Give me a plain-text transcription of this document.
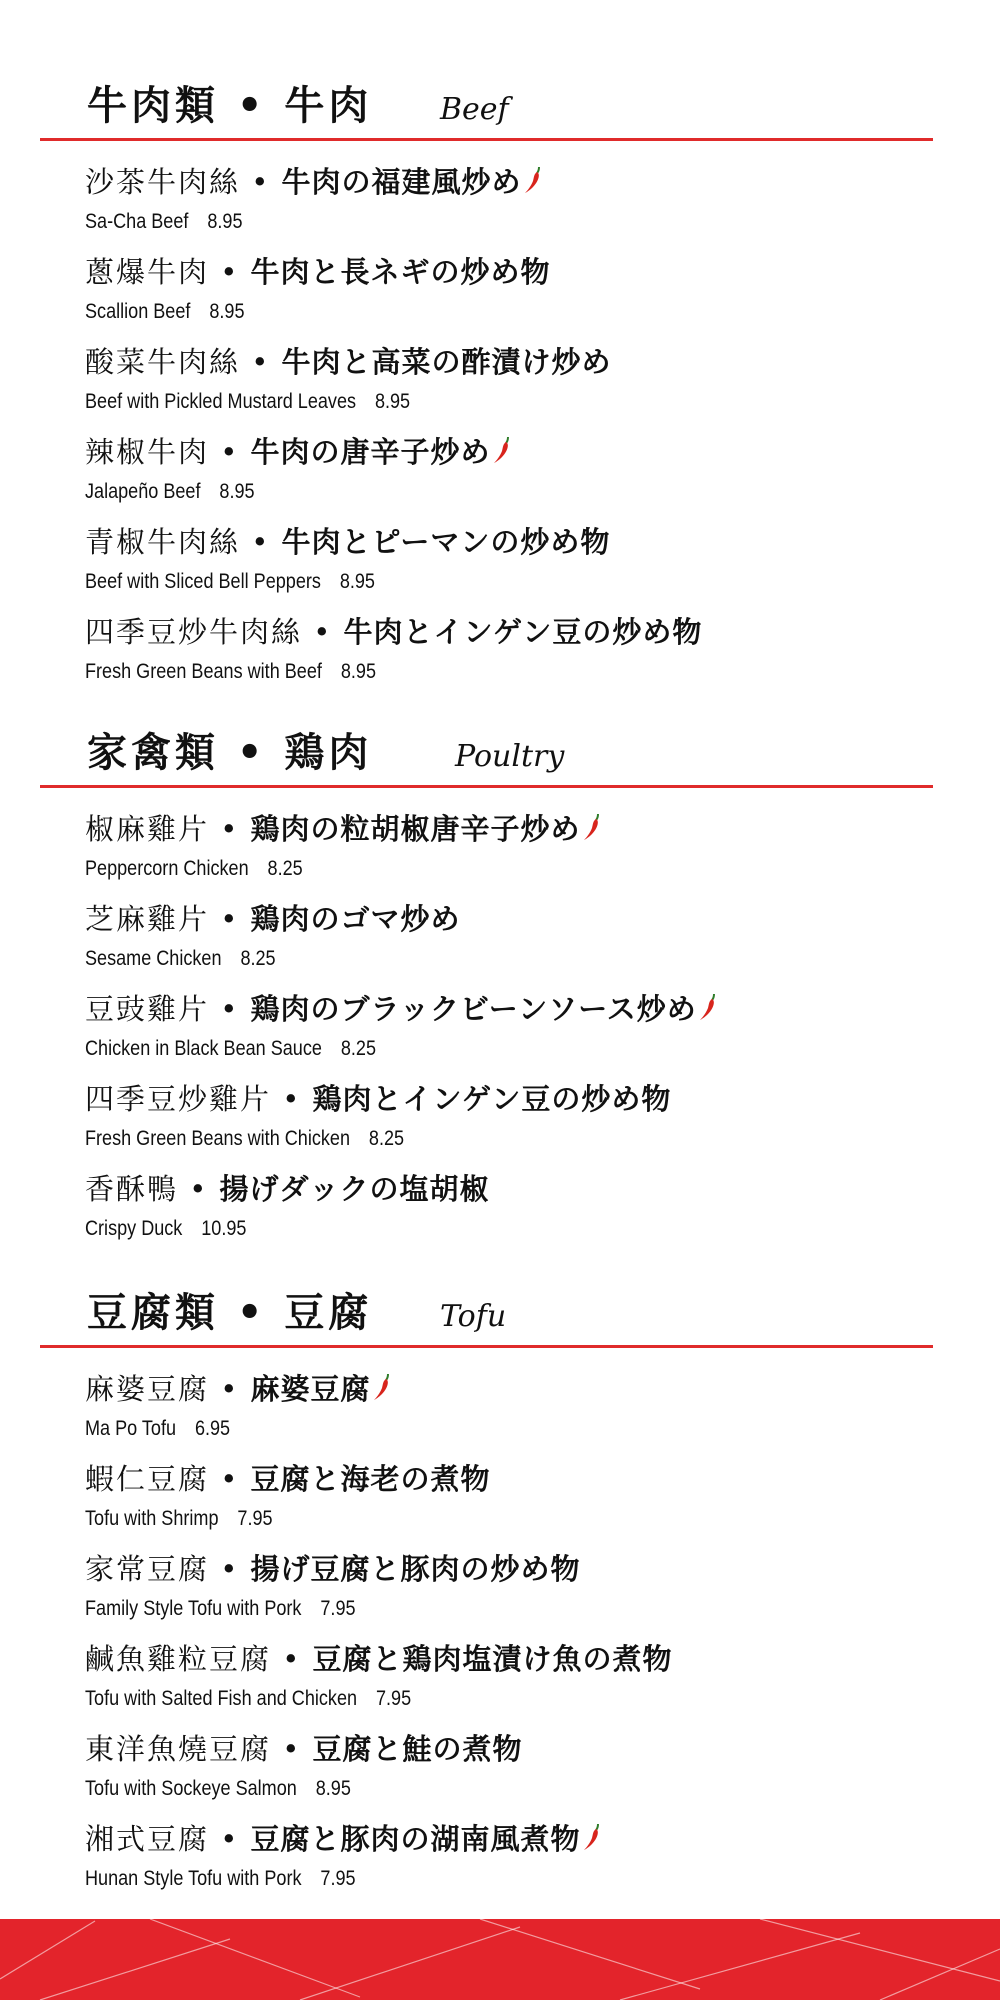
牛肉類 • 牛肉 Beef
沙茶牛肉絲 • 牛肉の福建風炒め
Sa-Cha Beef 8.95
蔥爆牛肉 • 牛肉と長ネギの炒め物
Scallion Beef 8.95
酸菜牛肉絲 • 牛肉と高菜の酢漬け炒め
Beef with Pickled Mustard Leaves 8.95
辣椒牛肉 • 牛肉の唐辛子炒め
Jalapeño Beef 8.95
青椒牛肉絲 • 牛肉とピーマンの炒め物
Beef with Sliced Bell Peppers 8.95
四季豆炒牛肉絲 • 牛肉とインゲン豆の炒め物
Fresh Green Beans with Beef 8.95
家禽類 • 鶏肉	Poultry
椒麻雞片 • 鶏肉の粒胡椒唐辛子炒め
Peppercorn Chicken 8.25
芝麻雞片 • 鶏肉のゴマ炒め
Sesame Chicken 8.25
豆豉雞片 • 鶏肉のブラックビーンソース炒め
Chicken in Black Bean Sauce 8.25
四季豆炒雞片 • 鶏肉とインゲン豆の炒め物
Fresh Green Beans with Chicken 8.25
香酥鴨 • 揚げダックの塩胡椒
Crispy Duck 10.95
豆腐類 • 豆腐 Tofu
麻婆豆腐 • 麻婆豆腐
Ma Po Tofu 6.95
蝦仁豆腐 • 豆腐と海老の煮物
Tofu with Shrimp 7.95
家常豆腐 • 揚げ豆腐と豚肉の炒め物
Family Style Tofu with Pork 7.95
鹹魚雞粒豆腐 • 豆腐と鶏肉塩漬け魚の煮物
Tofu with Salted Fish and Chicken 7.95
東洋魚燒豆腐 • 豆腐と鮭の煮物
Tofu with Sockeye Salmon 8.95
湘式豆腐 • 豆腐と豚肉の湖南風煮物
Hunan Style Tofu with Pork 7.95
